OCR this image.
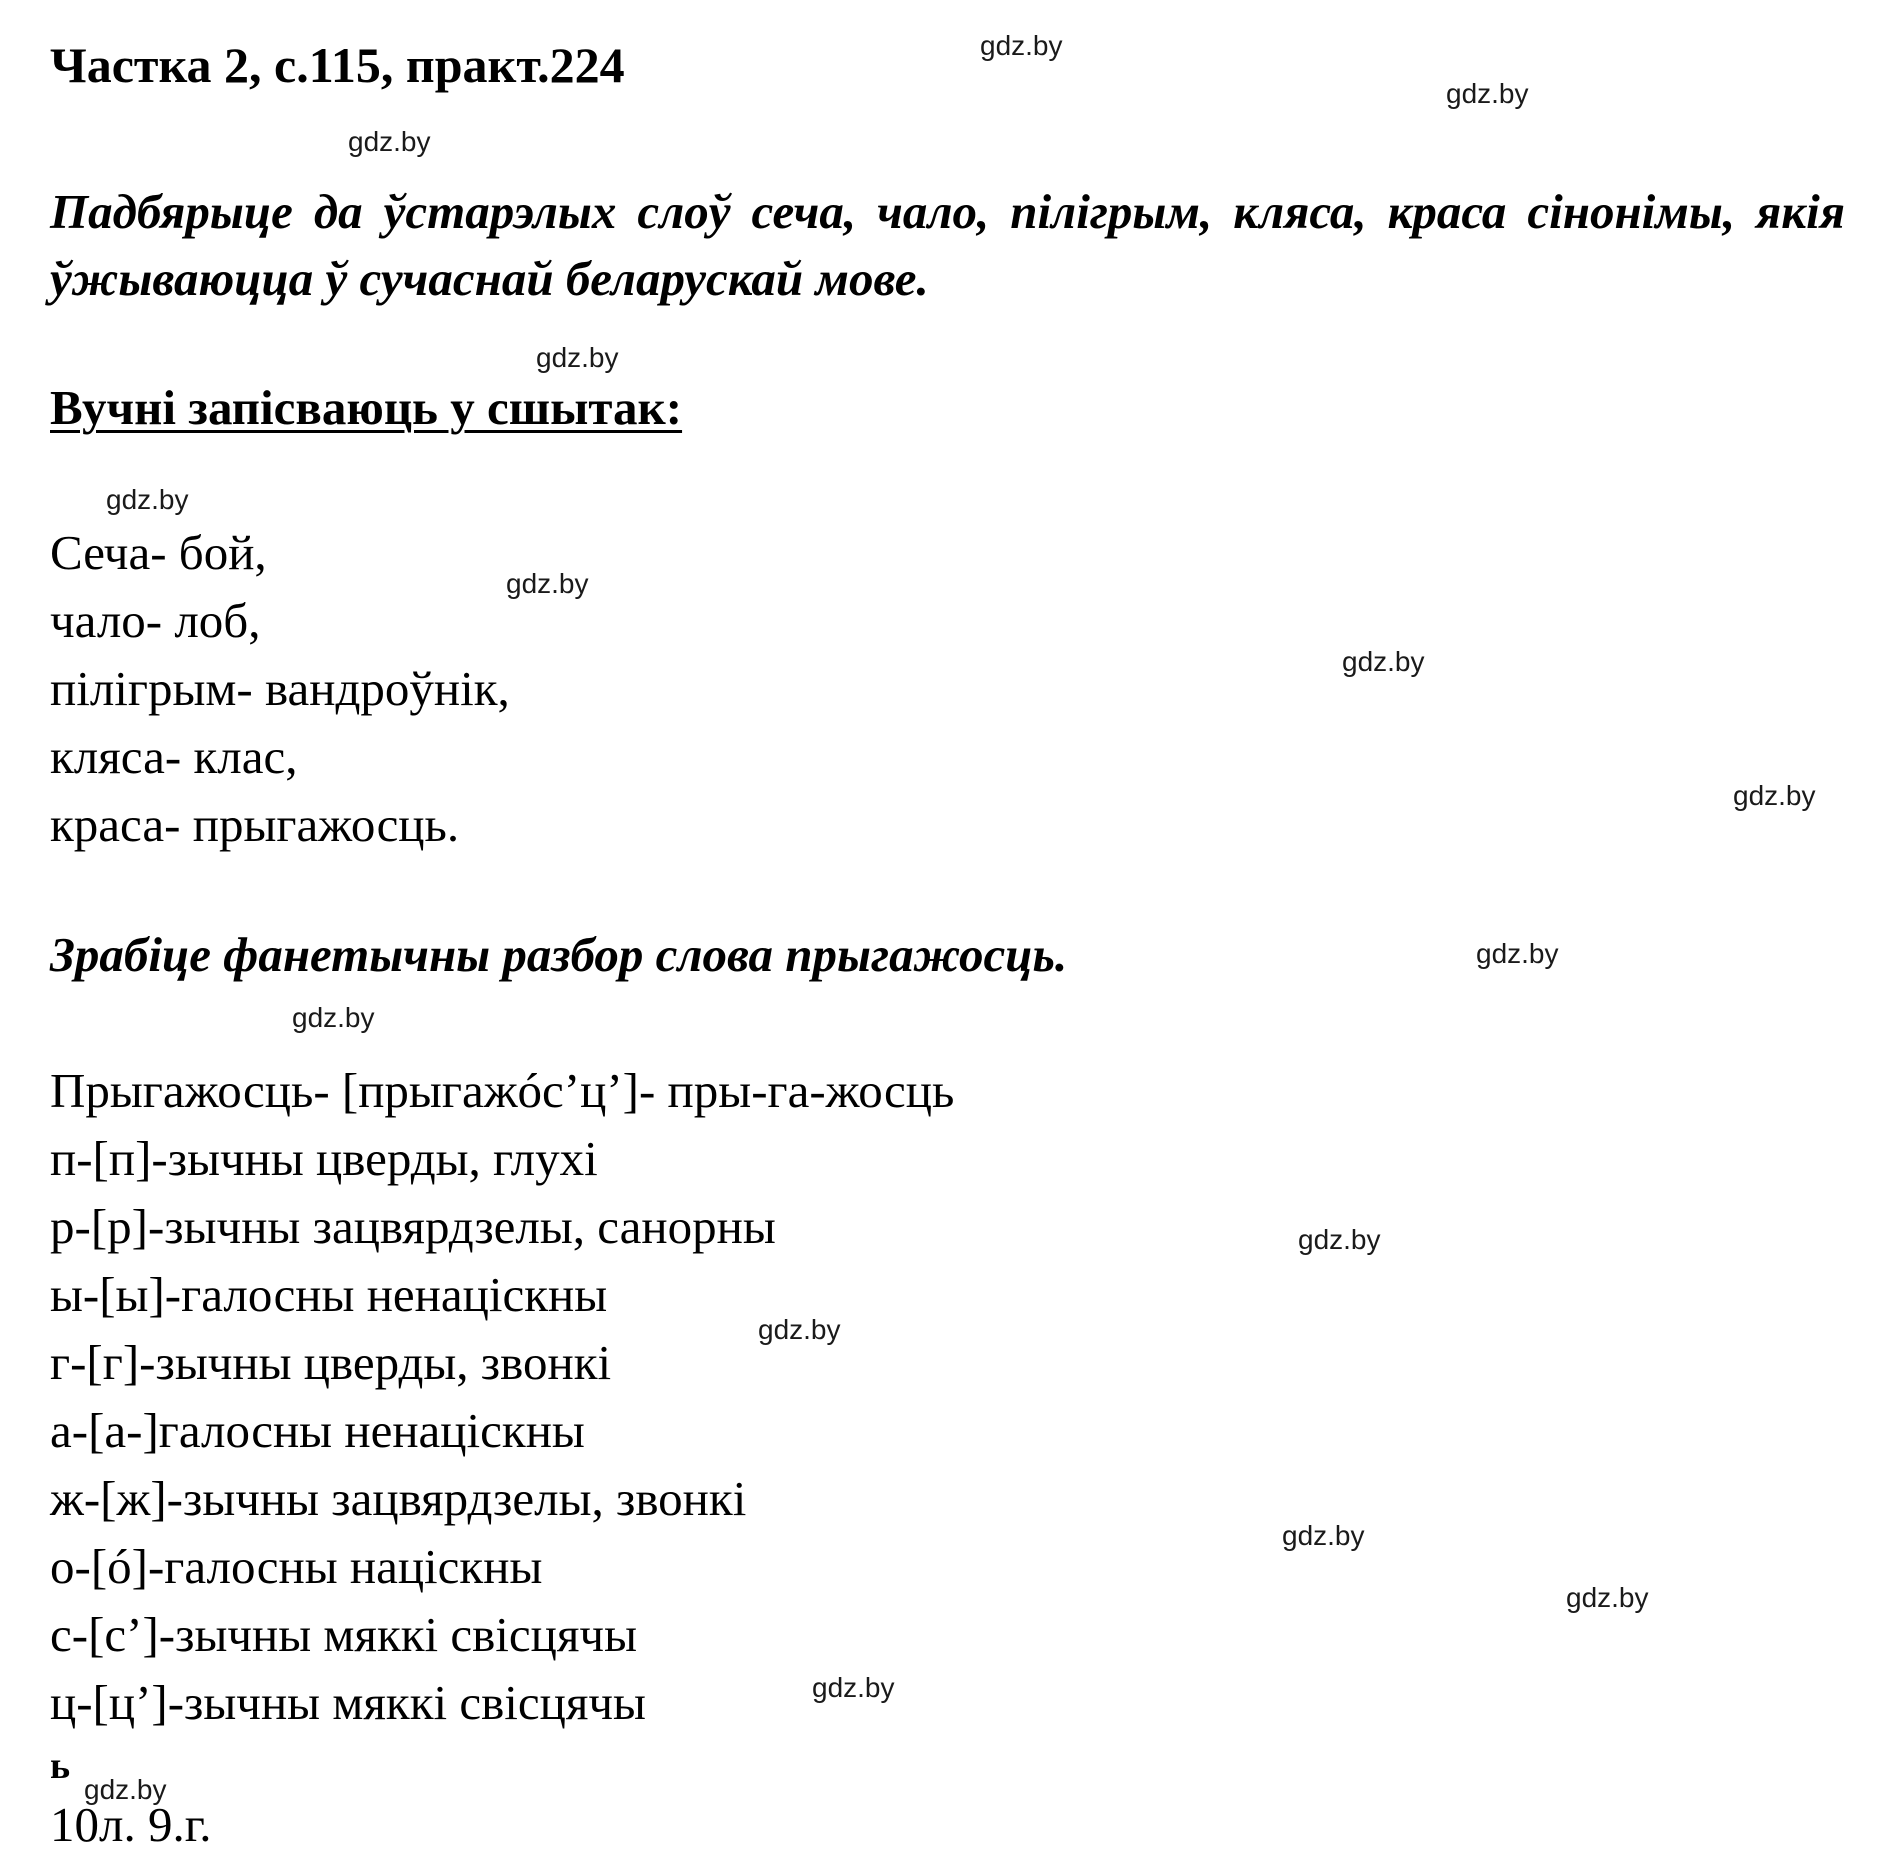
Частка 2, с.115, практ.224

Падбярыце да ўстарэлых слоў сеча, чало, пілігрым, кляса, краса сінонімы, якія ўжываюцца ў сучаснай беларускай мове.

Вучні запісваюць у сшытак:
Сеча- бой,
чало- лоб,
пілігрым- вандроўнік,
кляса- клас,
краса- прыгажосць.

Зрабіце фанетычны разбор слова прыгажосць.

Прыгажосць- [прыгажóс’ц’]- пры-га-жосць
п-[п]-зычны цверды, глухі
р-[р]-зычны зацвярдзелы, санорны
ы-[ы]-галосны ненаціскны
г-[г]-зычны цверды, звонкі
а-[а-]галосны ненаціскны
ж-[ж]-зычны зацвярдзелы, звонкі
о-[ó]-галосны націскны
с-[с’]-зычны мяккі свісцячы
ц-[ц’]-зычны мяккі свісцячы
ь
10л. 9.г.
gdz.by
gdz.by
gdz.by
gdz.by
gdz.by
gdz.by
gdz.by
gdz.by
gdz.by
gdz.by
gdz.by
gdz.by
gdz.by
gdz.by
gdz.by
gdz.by
